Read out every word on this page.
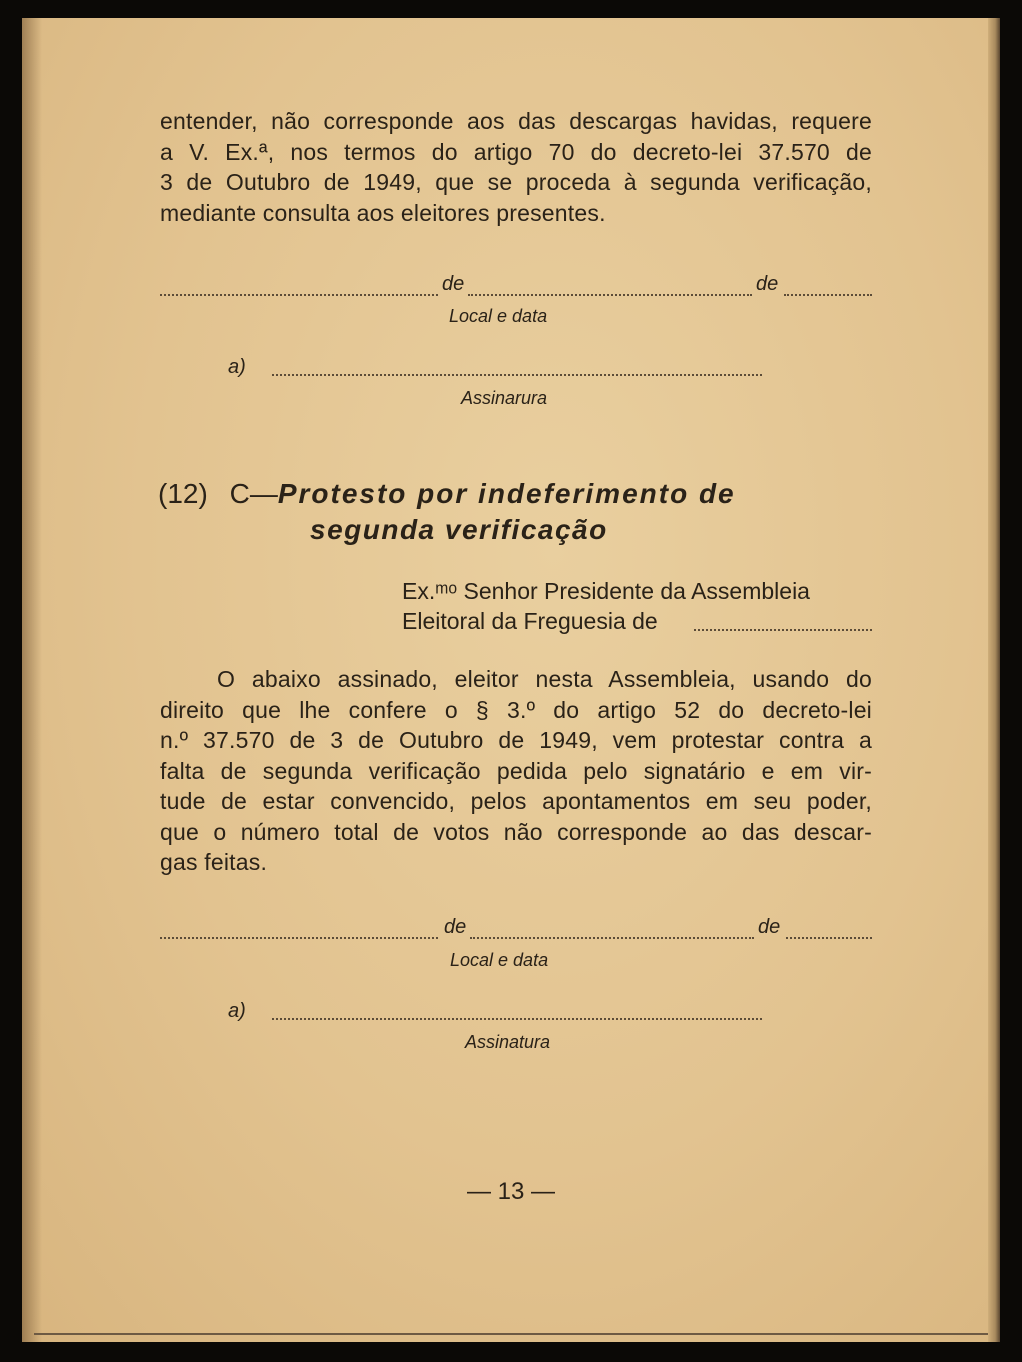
entender, não corresponde aos das descargas havidas, requere
a V. Ex.ª, nos termos do artigo 70 do decreto-lei 37.570 de
3 de Outubro de 1949, que se proceda à segunda verificação,
mediante consulta aos eleitores presentes.
de	de
Local e data
a)
Assinarura
(12) C—Protesto por indeferimento de
segunda verificação
Ex.ᵐᵒ Senhor Presidente da Assembleia
Eleitoral da Freguesia de
O abaixo assinado, eleitor nesta Assembleia, usando do
direito que lhe confere o § 3.º do artigo 52 do decreto-lei
n.º 37.570 de 3 de Outubro de 1949, vem protestar contra a
falta de segunda verificação pedida pelo signatário e em vir-
tude de estar convencido, pelos apontamentos em seu poder,
que o número total de votos não corresponde ao das descar-
gas feitas.
de	de
Local e data
a)
Assinatura
— 13 —
